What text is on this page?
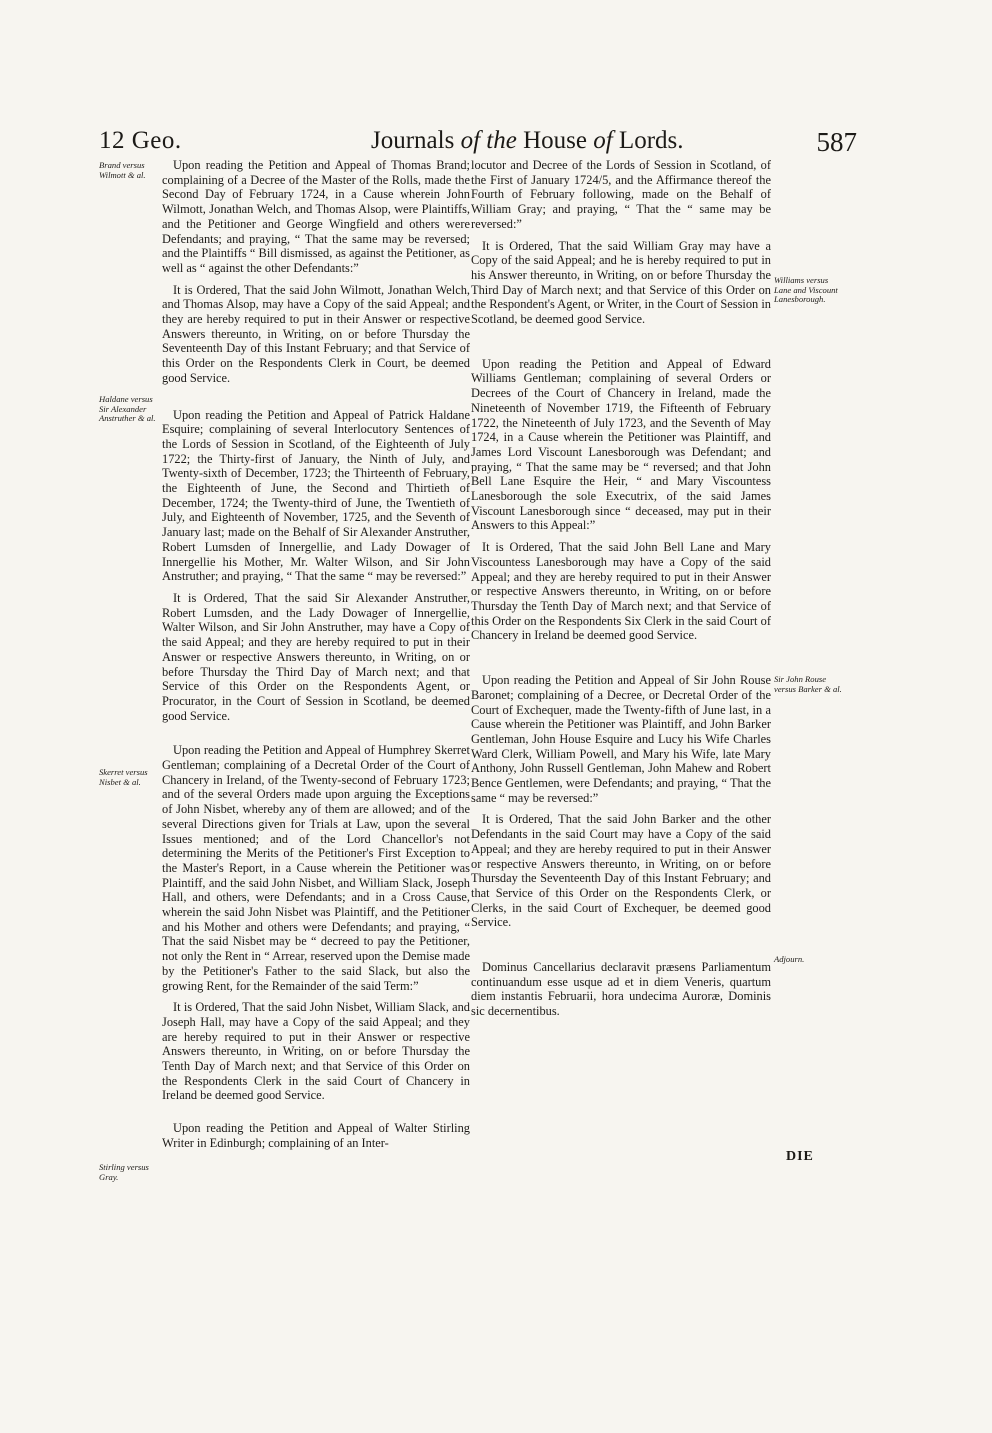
12 Geo.	Journals of the House of Lords.	587
Brand versus Wilmott & al.
Haldane versus Sir Alexander Anstruther & al.
Skerret versus Nisbet & al.
Stirling versus Gray.
Williams versus Lane and Viscount Lanesborough.
Sir John Rouse versus Barker & al.
Adjourn.

Upon reading the Petition and Appeal of Thomas Brand; complaining of a Decree of the Master of the Rolls, made the Second Day of February 1724, in a Cause wherein John Wilmott, Jonathan Welch, and Thomas Alsop, were Plaintiffs, and the Petitioner and George Wingfield and others were Defendants; and praying, “ That the same may be reversed; and the Plaintiffs “ Bill dismissed, as against the Petitioner, as well as “ against the other Defendants:”

It is Ordered, That the said John Wilmott, Jonathan Welch, and Thomas Alsop, may have a Copy of the said Appeal; and they are hereby required to put in their Answer or respective Answers thereunto, in Writing, on or before Thursday the Seventeenth Day of this Instant February; and that Service of this Order on the Respondents Clerk in Court, be deemed good Service.

Upon reading the Petition and Appeal of Patrick Haldane Esquire; complaining of several Interlocutory Sentences of the Lords of Session in Scotland, of the Eighteenth of July 1722; the Thirty-first of January, the Ninth of July, and Twenty-sixth of December, 1723; the Thirteenth of February, the Eighteenth of June, the Second and Thirtieth of December, 1724; the Twenty-third of June, the Twentieth of July, and Eighteenth of November, 1725, and the Seventh of January last; made on the Behalf of Sir Alexander Anstruther, Robert Lumsden of Innergellie, and Lady Dowager of Innergellie his Mother, Mr. Walter Wilson, and Sir John Anstruther; and praying, “ That the same “ may be reversed:”

It is Ordered, That the said Sir Alexander Anstruther, Robert Lumsden, and the Lady Dowager of Innergellie, Walter Wilson, and Sir John Anstruther, may have a Copy of the said Appeal; and they are hereby required to put in their Answer or respective Answers thereunto, in Writing, on or before Thursday the Third Day of March next; and that Service of this Order on the Respondents Agent, or Procurator, in the Court of Session in Scotland, be deemed good Service.

Upon reading the Petition and Appeal of Humphrey Skerret Gentleman; complaining of a Decretal Order of the Court of Chancery in Ireland, of the Twenty-second of February 1723; and of the several Orders made upon arguing the Exceptions of John Nisbet, whereby any of them are allowed; and of the several Directions given for Trials at Law, upon the several Issues mentioned; and of the Lord Chancellor's not determining the Merits of the Petitioner's First Exception to the Master's Report, in a Cause wherein the Petitioner was Plaintiff, and the said John Nisbet, and William Slack, Joseph Hall, and others, were Defendants; and in a Cross Cause, wherein the said John Nisbet was Plaintiff, and the Petitioner and his Mother and others were Defendants; and praying, “ That the said Nisbet may be “ decreed to pay the Petitioner, not only the Rent in “ Arrear, reserved upon the Demise made by the Petitioner's Father to the said Slack, but also the growing Rent, for the Remainder of the said Term:”

It is Ordered, That the said John Nisbet, William Slack, and Joseph Hall, may have a Copy of the said Appeal; and they are hereby required to put in their Answer or respective Answers thereunto, in Writing, on or before Thursday the Tenth Day of March next; and that Service of this Order on the Respondents Clerk in the said Court of Chancery in Ireland be deemed good Service.

Upon reading the Petition and Appeal of Walter Stirling Writer in Edinburgh; complaining of an Inter-

locutor and Decree of the Lords of Session in Scotland, of the First of January 1724/5, and the Affirmance thereof the Fourth of February following, made on the Behalf of William Gray; and praying, “ That the “ same may be reversed:”

It is Ordered, That the said William Gray may have a Copy of the said Appeal; and he is hereby required to put in his Answer thereunto, in Writing, on or before Thursday the Third Day of March next; and that Service of this Order on the Respondent's Agent, or Writer, in the Court of Session in Scotland, be deemed good Service.

Upon reading the Petition and Appeal of Edward Williams Gentleman; complaining of several Orders or Decrees of the Court of Chancery in Ireland, made the Nineteenth of November 1719, the Fifteenth of February 1722, the Nineteenth of July 1723, and the Seventh of May 1724, in a Cause wherein the Petitioner was Plaintiff, and James Lord Viscount Lanesborough was Defendant; and praying, “ That the same may be “ reversed; and that John Bell Lane Esquire the Heir, “ and Mary Viscountess Lanesborough the sole Executrix, of the said James Viscount Lanesborough since “ deceased, may put in their Answers to this Appeal:”

It is Ordered, That the said John Bell Lane and Mary Viscountess Lanesborough may have a Copy of the said Appeal; and they are hereby required to put in their Answer or respective Answers thereunto, in Writing, on or before Thursday the Tenth Day of March next; and that Service of this Order on the Respondents Six Clerk in the said Court of Chancery in Ireland be deemed good Service.

Upon reading the Petition and Appeal of Sir John Rouse Baronet; complaining of a Decree, or Decretal Order of the Court of Exchequer, made the Twenty-fifth of June last, in a Cause wherein the Petitioner was Plaintiff, and John Barker Gentleman, John House Esquire and Lucy his Wife Charles Ward Clerk, William Powell, and Mary his Wife, late Mary Anthony, John Russell Gentleman, John Mahew and Robert Bence Gentlemen, were Defendants; and praying, “ That the same “ may be reversed:”

It is Ordered, That the said John Barker and the other Defendants in the said Court may have a Copy of the said Appeal; and they are hereby required to put in their Answer or respective Answers thereunto, in Writing, on or before Thursday the Seventeenth Day of this Instant February; and that Service of this Order on the Respondents Clerk, or Clerks, in the said Court of Exchequer, be deemed good Service.

Dominus Cancellarius declaravit præsens Parliamentum continuandum esse usque ad et in diem Veneris, quartum diem instantis Februarii, hora undecima Auroræ, Dominis sic decernentibus.

DIE
